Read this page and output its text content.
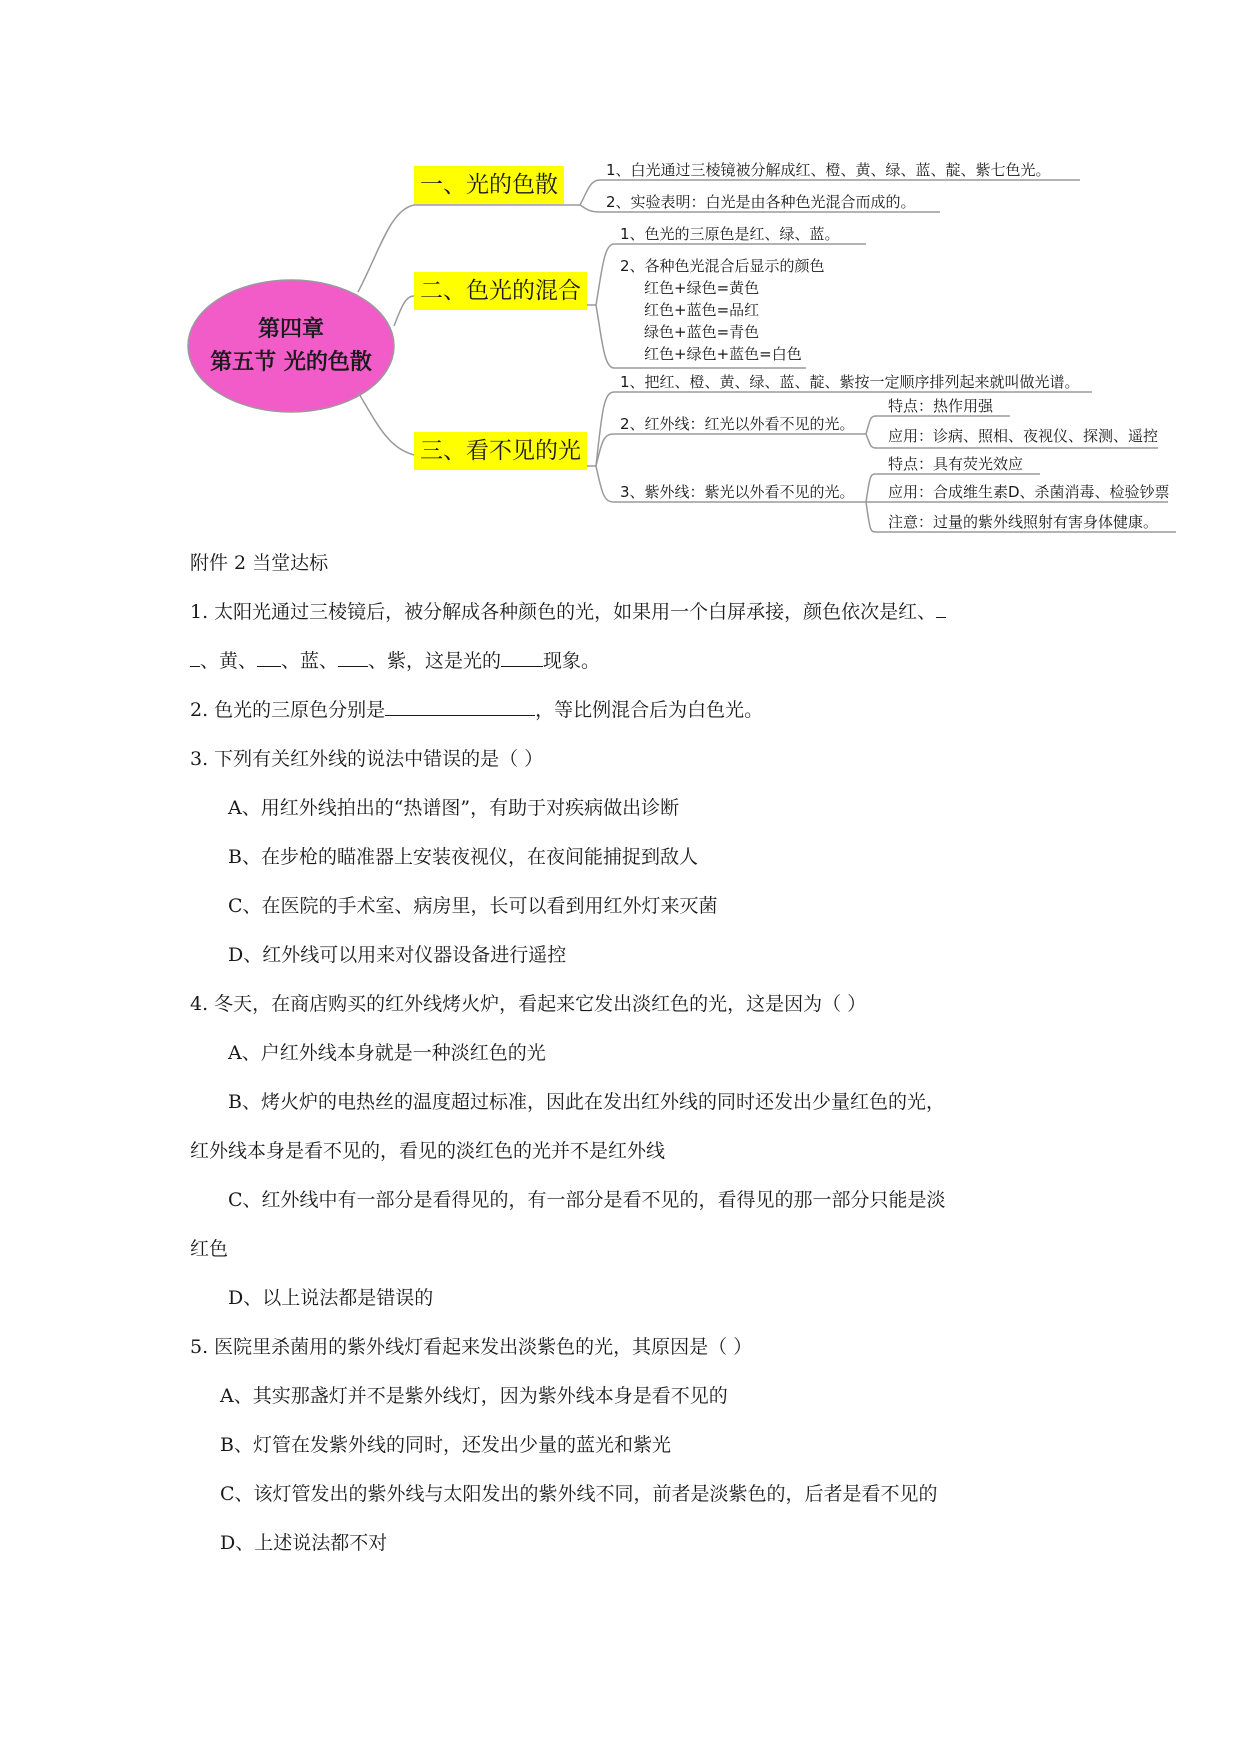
第四章
第五节 光的色散
一、光的色散
1、白光通过三棱镜被分解成红、橙、黄、绿、蓝、靛、紫七色光。
2、实验表明：白光是由各种色光混合而成的。
二、色光的混合
1、色光的三原色是红、绿、蓝。
2、各种色光混合后显示的颜色
红色+绿色=黄色
红色+蓝色=品红
绿色+蓝色=青色
红色+绿色+蓝色=白色
三、看不见的光
1、把红、橙、黄、绿、蓝、靛、紫按一定顺序排列起来就叫做光谱。
2、红外线：红光以外看不见的光。
3、紫外线：紫光以外看不见的光。
特点：热作用强
应用：诊病、照相、夜视仪、探测、遥控
特点：具有荧光效应
应用：合成维生素D、杀菌消毒、检验钞票
注意：过量的紫外线照射有害身体健康。
附件 2 当堂达标
1. 太阳光通过三棱镜后，被分解成各种颜色的光，如果用一个白屏承接，颜色依次是红、
、黄、 、蓝、 、紫，这是光的 现象。
2. 色光的三原色分别是	，等比例混合后为白色光。
3. 下列有关红外线的说法中错误的是（ ）
A、用红外线拍出的“热谱图”，有助于对疾病做出诊断
B、在步枪的瞄准器上安装夜视仪，在夜间能捕捉到敌人
C、在医院的手术室、病房里，长可以看到用红外灯来灭菌
D、红外线可以用来对仪器设备进行遥控
4. 冬天，在商店购买的红外线烤火炉，看起来它发出淡红色的光，这是因为（ ）
A、户红外线本身就是一种淡红色的光
B、烤火炉的电热丝的温度超过标准，因此在发出红外线的同时还发出少量红色的光，
红外线本身是看不见的，看见的淡红色的光并不是红外线
C、红外线中有一部分是看得见的，有一部分是看不见的，看得见的那一部分只能是淡
红色
D、以上说法都是错误的
5. 医院里杀菌用的紫外线灯看起来发出淡紫色的光，其原因是（ ）
A、其实那盏灯并不是紫外线灯，因为紫外线本身是看不见的
B、灯管在发紫外线的同时，还发出少量的蓝光和紫光
C、该灯管发出的紫外线与太阳发出的紫外线不同，前者是淡紫色的，后者是看不见的
D、上述说法都不对
